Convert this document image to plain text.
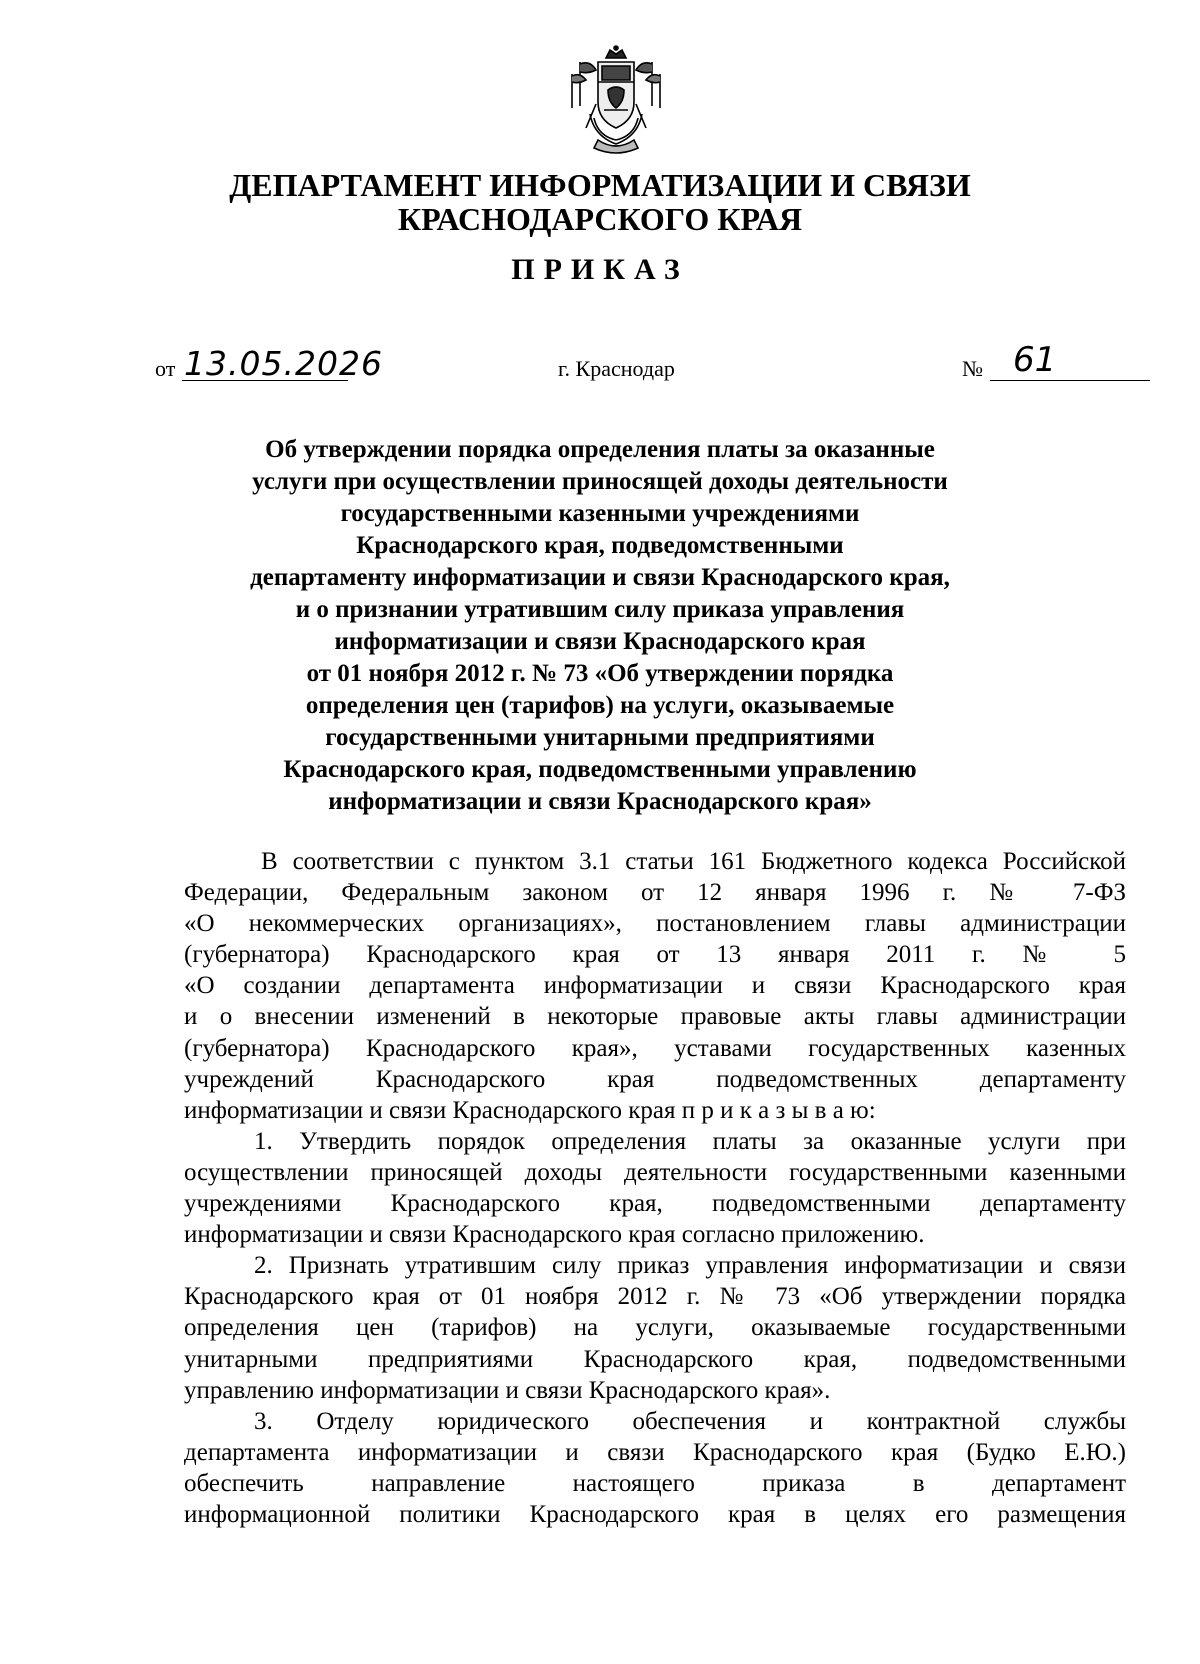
ДЕПАРТАМЕНТ ИНФОРМАТИЗАЦИИ И СВЯЗИ
КРАСНОДАРСКОГО КРАЯ
ПРИКАЗ
от 13.05.2026	г. Краснодар	№ 61
Об утверждении порядка определения платы за оказанные
услуги при осуществлении приносящей доходы деятельности
государственными казенными учреждениями
Краснодарского края, подведомственными
департаменту информатизации и связи Краснодарского края,
и о признании утратившим силу приказа управления
информатизации и связи Краснодарского края
от 01 ноября 2012 г. № 73 «Об утверждении порядка
определения цен (тарифов) на услуги, оказываемые
государственными унитарными предприятиями
Краснодарского края, подведомственными управлению
информатизации и связи Краснодарского края»
В соответствии с пунктом 3.1 статьи 161 Бюджетного кодекса Российской
Федерации, Федеральным законом от 12 января 1996 г. № 7-ФЗ
«О некоммерческих организациях», постановлением главы администрации
(губернатора) Краснодарского края от 13 января 2011 г. № 5
«О создании департамента информатизации и связи Краснодарского края
и о внесении изменений в некоторые правовые акты главы администрации
(губернатора) Краснодарского края», уставами государственных казенных
учреждений Краснодарского края подведомственных департаменту
информатизации и связи Краснодарского края п р и к а з ы в а ю:
1. Утвердить порядок определения платы за оказанные услуги при
осуществлении приносящей доходы деятельности государственными казенными
учреждениями Краснодарского края, подведомственными департаменту
информатизации и связи Краснодарского края согласно приложению.
2. Признать утратившим силу приказ управления информатизации и связи
Краснодарского края от 01 ноября 2012 г. № 73 «Об утверждении порядка
определения цен (тарифов) на услуги, оказываемые государственными
унитарными предприятиями Краснодарского края, подведомственными
управлению информатизации и связи Краснодарского края».
3. Отделу юридического обеспечения и контрактной службы
департамента информатизации и связи Краснодарского края (Будко Е.Ю.)
обеспечить направление настоящего приказа в департамент
информационной политики Краснодарского края в целях его размещения
